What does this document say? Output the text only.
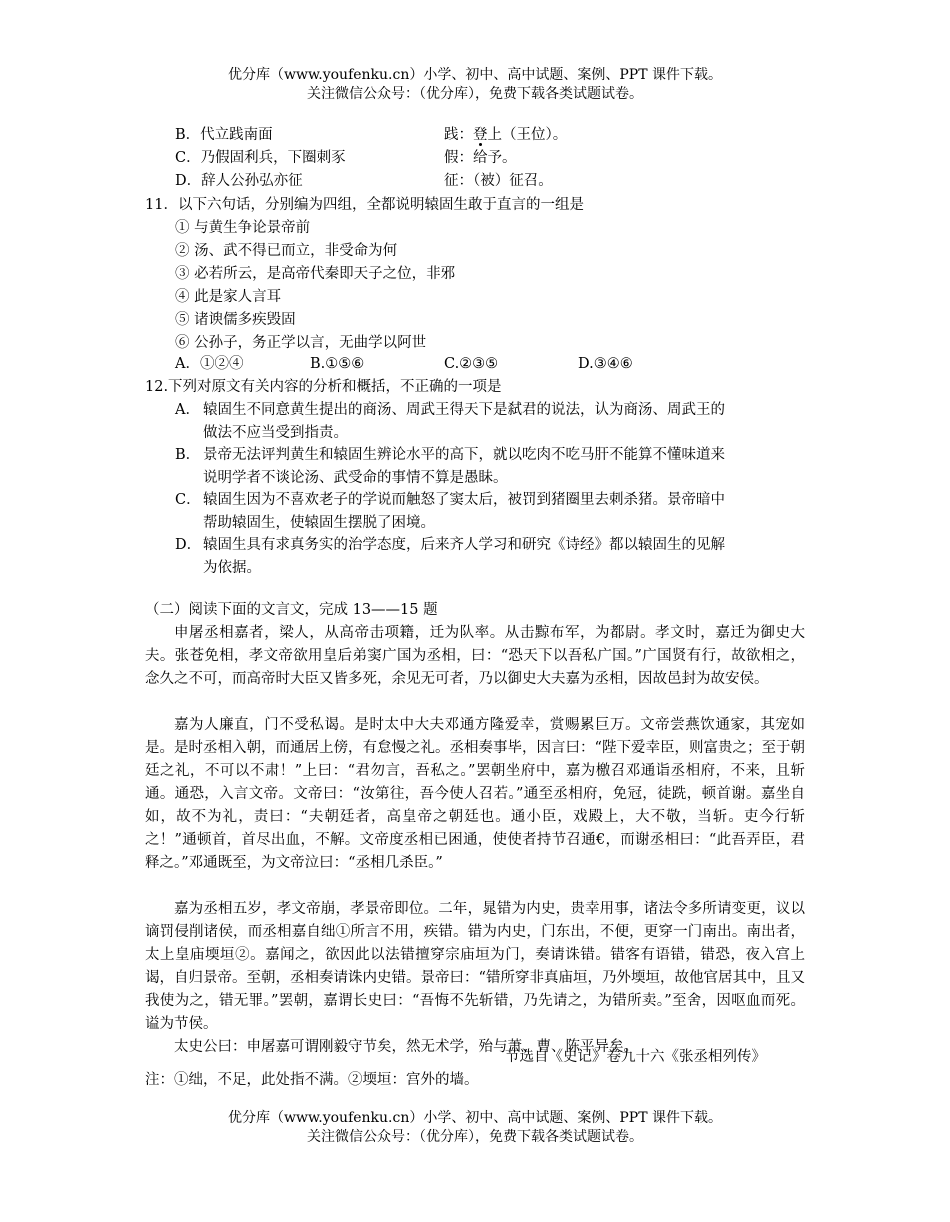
优分库（www.youfenku.cn）小学、初中、高中试题、案例、PPT 课件下载。
关注微信公众号：（优分库），免费下载各类试题试卷。
B．代立践南面	践：登上（王位）。
C．乃假固利兵，下圈刺豕	假：给予。
D．辞人公孙弘亦征	征：（被）征召。
11．以下六句话，分别编为四组，全都说明辕固生敢于直言的一组是
① 与黄生争论景帝前
② 汤、武不得已而立，非受命为何
③ 必若所云，是高帝代秦即天子之位，非邪
④ 此是家人言耳
⑤ 诸谀儒多疾毁固
⑥ 公孙子，务正学以言，无曲学以阿世
A．①②④	B.①⑤⑥	C.②③⑤	D.③④⑥
12.下列对原文有关内容的分析和概括，不正确的一项是
A． 辕固生不同意黄生提出的商汤、周武王得天下是弑君的说法，认为商汤、周武王的
做法不应当受到指责。
B． 景帝无法评判黄生和辕固生辨论水平的高下，就以吃肉不吃马肝不能算不懂味道来
说明学者不谈论汤、武受命的事情不算是愚眛。
C． 辕固生因为不喜欢老子的学说而触怒了窦太后，被罚到猪圈里去刺杀猪。景帝暗中
帮助辕固生，使辕固生摆脱了困境。
D． 辕固生具有求真务实的治学态度，后来齐人学习和研究《诗经》都以辕固生的见解
为依据。
（二）阅读下面的文言文，完成 13——15 题
申屠丞相嘉者，梁人，从高帝击项籍，迁为队率。从击黥布军，为都尉。孝文时，嘉迁为御史大夫。张苍免相，孝文帝欲用皇后弟窦广国为丞相，曰：“恐天下以吾私广国。”广国贤有行，故欲相之，念久之不可，而高帝时大臣又皆多死，余见无可者，乃以御史大夫嘉为丞相，因故邑封为故安侯。
嘉为人廉直，门不受私谒。是时太中大夫邓通方隆爱幸，赏赐累巨万。文帝尝燕饮通家，其宠如是。是时丞相入朝，而通居上傍，有怠慢之礼。丞相奏事毕，因言曰：“陛下爱幸臣，则富贵之；至于朝廷之礼，不可以不肃！”上曰：“君勿言，吾私之。”罢朝坐府中，嘉为檄召邓通诣丞相府，不来，且斩通。通恐，入言文帝。文帝曰：“汝第往，吾今使人召若。”通至丞相府，免冠，徒跣，顿首谢。嘉坐自如，故不为礼，责曰：“夫朝廷者，高皇帝之朝廷也。通小臣，戏殿上，大不敬，当斩。吏今行斩之！”通顿首，首尽出血，不解。文帝度丞相已困通，使使者持节召通€，而谢丞相曰：“此吾弄臣，君释之。”邓通既至，为文帝泣曰：“丞相几杀臣。”
嘉为丞相五岁，孝文帝崩，孝景帝即位。二年，晁错为内史，贵幸用事，诸法令多所请变更，议以谪罚侵削诸侯，而丞相嘉自绌①所言不用，疾错。错为内史，门东出，不便，更穿一门南出。南出者，太上皇庙堧垣②。嘉闻之，欲因此以法错擅穿宗庙垣为门，奏请诛错。错客有语错，错恐，夜入宫上谒，自归景帝。至朝，丞相奏请诛内史错。景帝曰：“错所穿非真庙垣，乃外堧垣，故他官居其中，且又我使为之，错无罪。”罢朝，嘉谓长史曰：“吾悔不先斩错，乃先请之，为错所卖。”至舍，因呕血而死。谥为节侯。
太史公曰：申屠嘉可谓刚毅守节矣，然无术学，殆与萧、曹、陈平异矣。
节选自《史记》卷九十六《张丞相列传》
注：①绌，不足，此处指不满。②堧垣：宫外的墙。
优分库（www.youfenku.cn）小学、初中、高中试题、案例、PPT 课件下载。
关注微信公众号：（优分库），免费下载各类试题试卷。
